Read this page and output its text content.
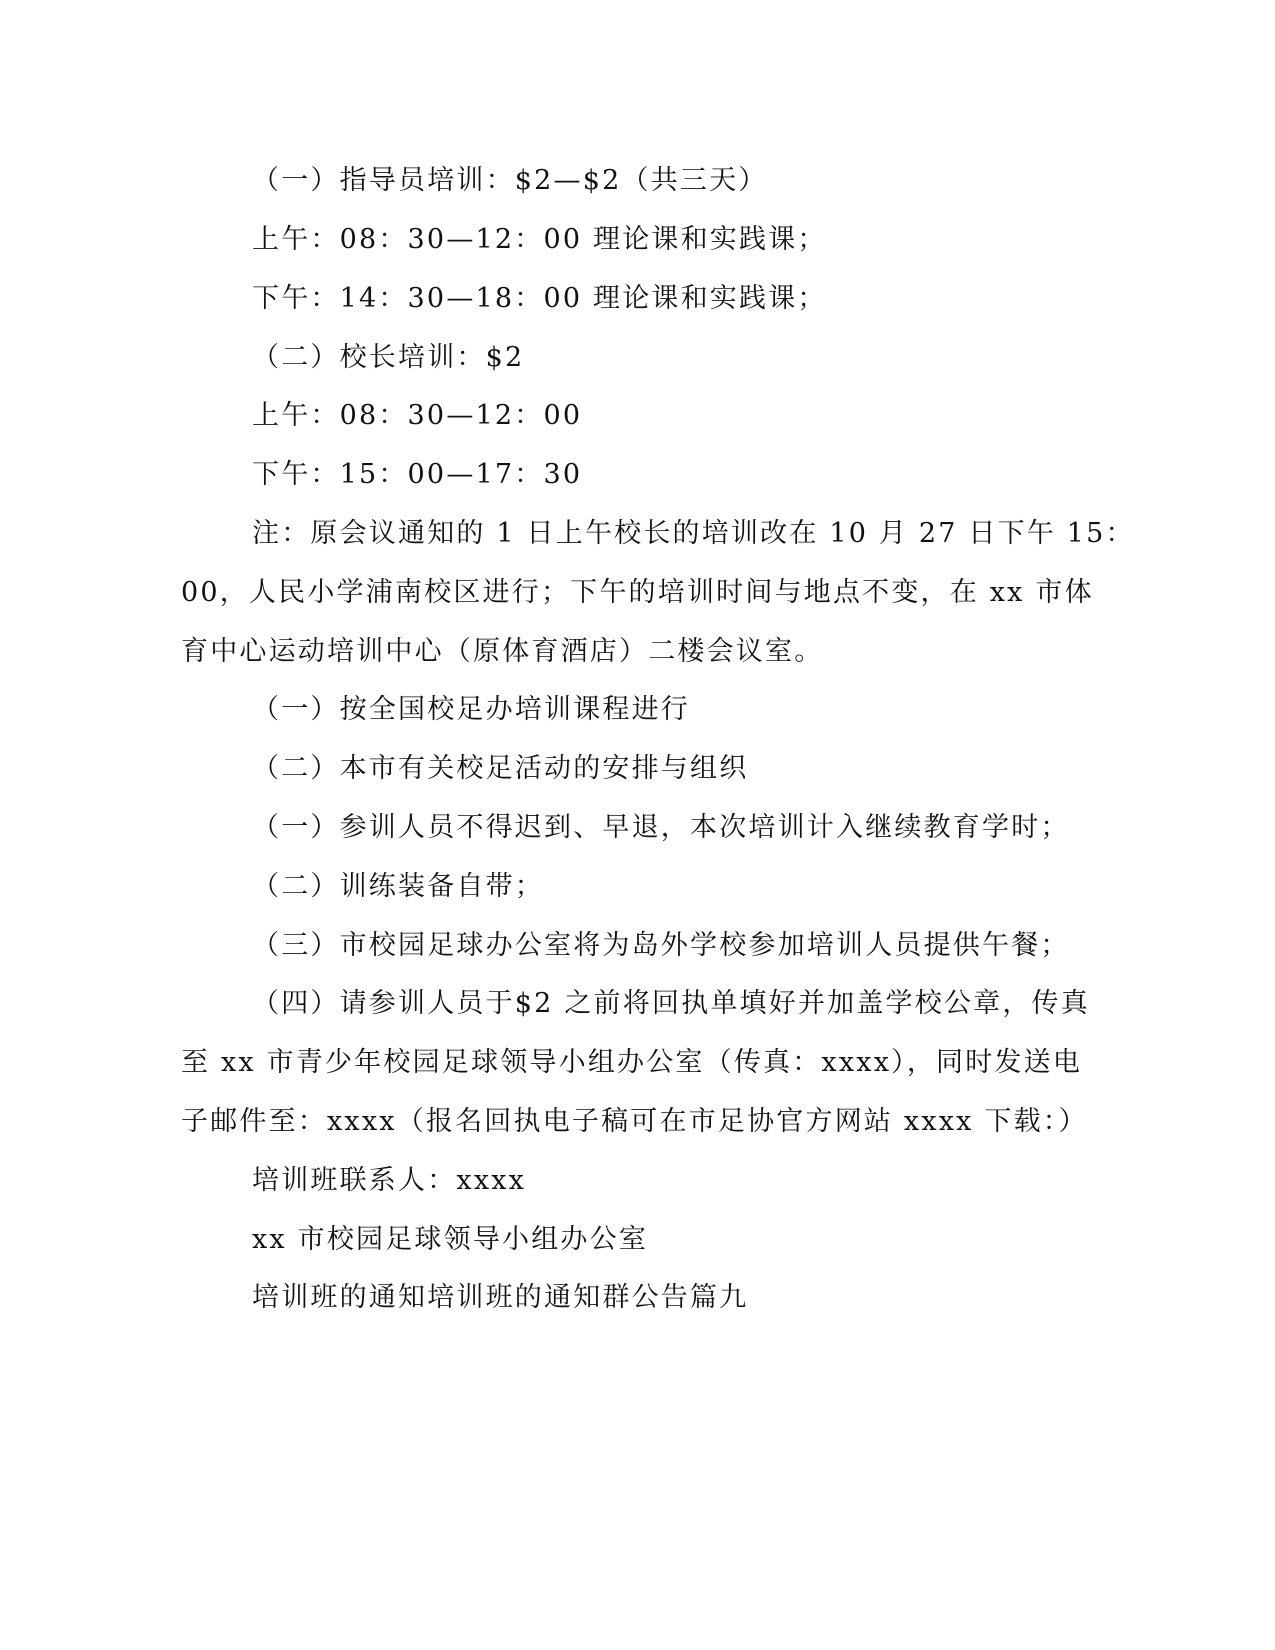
（一）指导员培训：$2—$2（共三天）
上午：08：30—12：00 理论课和实践课；
下午：14：30—18：00 理论课和实践课；
（二）校长培训：$2
上午：08：30—12：00
下午：15：00—17：30
注：原会议通知的 1 日上午校长的培训改在 10 月 27 日下午 15：
00，人民小学浦南校区进行；下午的培训时间与地点不变，在 xx 市体
育中心运动培训中心（原体育酒店）二楼会议室。
（一）按全国校足办培训课程进行
（二）本市有关校足活动的安排与组织
（一）参训人员不得迟到、早退，本次培训计入继续教育学时；
（二）训练装备自带；
（三）市校园足球办公室将为岛外学校参加培训人员提供午餐；
（四）请参训人员于$2 之前将回执单填好并加盖学校公章，传真
至 xx 市青少年校园足球领导小组办公室（传真：xxxx），同时发送电
子邮件至：xxxx（报名回执电子稿可在市足协官方网站 xxxx 下载：）
培训班联系人：xxxx
xx 市校园足球领导小组办公室
培训班的通知培训班的通知群公告篇九
